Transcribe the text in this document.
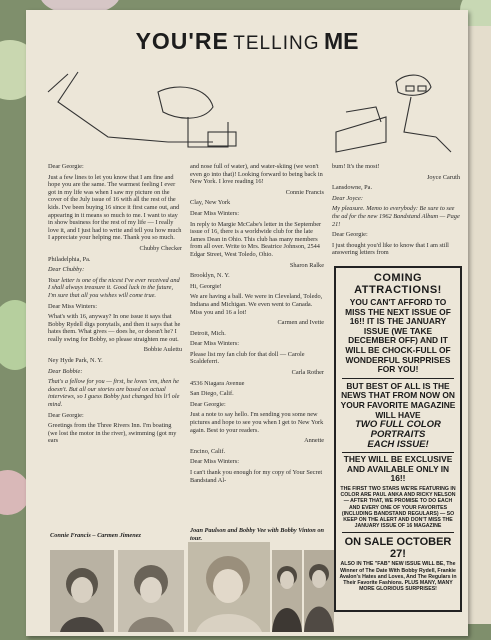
YOU'RE TELLING ME

Dear Georgie:

Just a few lines to let you know that I am fine and hope you are the same. The warmest feeling I ever got in my life was when I saw my picture on the cover of the July issue of 16 with all the rest of the kids. I've been buying 16 since it first came out, and appearing in it means so much to me. I want to stay in show business for the rest of my life — I really love it, and I just had to write and tell you how much I appreciate your helping me. Thank you so much.

Chubby Checker

Philadelphia, Pa.

Dear Chubby:

Your letter is one of the nicest I've ever received and I shall always treasure it. Good luck in the future, I'm sure that all you wishes will come true.

Dear Miss Winters:

What's with 16, anyway? In one issue it says that Bobby Rydell digs ponytails, and then it says that he hates them. What gives — does he, or doesn't he? I really swing for Bobby, so please straighten me out.

Bobbie Aulettu

Ney Hyde Park, N. Y.

Dear Bobbie:

That's a fellow for you — first, he loves 'em, then he doesn't. But all our stories are based on actual interviews, so I guess Bobby just changed his li'l ole mind.

Dear Georgie:

Greetings from the Three Rivers Inn. I'm boating (we lost the motor in the river), swimming (got my ears

and nose full of water), and water-skiing (we won't even go into that)! Looking forward to being back in New York. I love reading 16!

Connie Francis

Clay, New York

Dear Miss Winters:

In reply to Margie McCabe's letter in the September issue of 16, there is a worldwide club for the late James Dean in Ohio. This club has many members from all over. Write to Mrs. Beatrice Johnson, 2544 Edgar Street, West Toledo, Ohio.

Sharon Ralke

Brooklyn, N. Y.

Hi, Georgie!

We are having a ball. We were in Cleveland, Toledo, Indiana and Michigan. We even went to Canada. Miss you and 16 a lot!

Carmen and Ivette

Detroit, Mich.

Dear Miss Winters:

Please list my fan club for that doll — Carole Scaldeferri.

Carla Rother

4536 Niagara Avenue

San Diego, Calif.

Dear Georgie:

Just a note to say hello. I'm sending you some new pictures and hope to see you when I get to New York again. Best to your readers.

Annette

Encino, Calif.

Dear Miss Winters:

I can't thank you enough for my copy of Your Secret Bandstand Al-

bum! It's the most!

Joyce Caruth

Lansdowne, Pa.

Dear Joyce:

My pleasure. Memo to everybody: Be sure to see the ad for the new 1962 Bandstand Album — Page 21!

Dear Georgie:

I just thought you'd like to know that I am still answering letters from

COMING ATTRACTIONS!
YOU CAN'T AFFORD TO MISS THE NEXT ISSUE OF 16!! IT IS THE JANUARY ISSUE (WE TAKE DECEMBER OFF) AND IT WILL BE CHOCK-FULL OF WONDERFUL SURPRISES FOR YOU!
BUT BEST OF ALL IS THE NEWS THAT FROM NOW ON YOUR FAVORITE MAGAZINE WILL HAVE
TWO FULL COLOR PORTRAITS
EACH ISSUE!
THEY WILL BE EXCLUSIVE AND AVAILABLE ONLY IN 16!!
THE FIRST TWO STARS WE'RE FEATURING IN COLOR ARE PAUL ANKA AND RICKY NELSON — AFTER THAT, WE PROMISE TO DO EACH AND EVERY ONE OF YOUR FAVORITES (INCLUDING BANDSTAND REGULARS) — SO KEEP ON THE ALERT AND DON'T MISS THE JANUARY ISSUE OF 16 MAGAZINE
ON SALE OCTOBER 27!
ALSO IN THE "FAB" NEW ISSUE WILL BE, The Winner of The Date With Bobby Rydell, Frankie Avalon's Hates and Loves, And The Regulars in Their Favorite Fashions. PLUS MANY, MANY MORE GLORIOUS SURPRISES!
Connie Francis – Carmen Jimenez
Joan Paulson and Bobby Vee with Bobby Vinton on tour.
